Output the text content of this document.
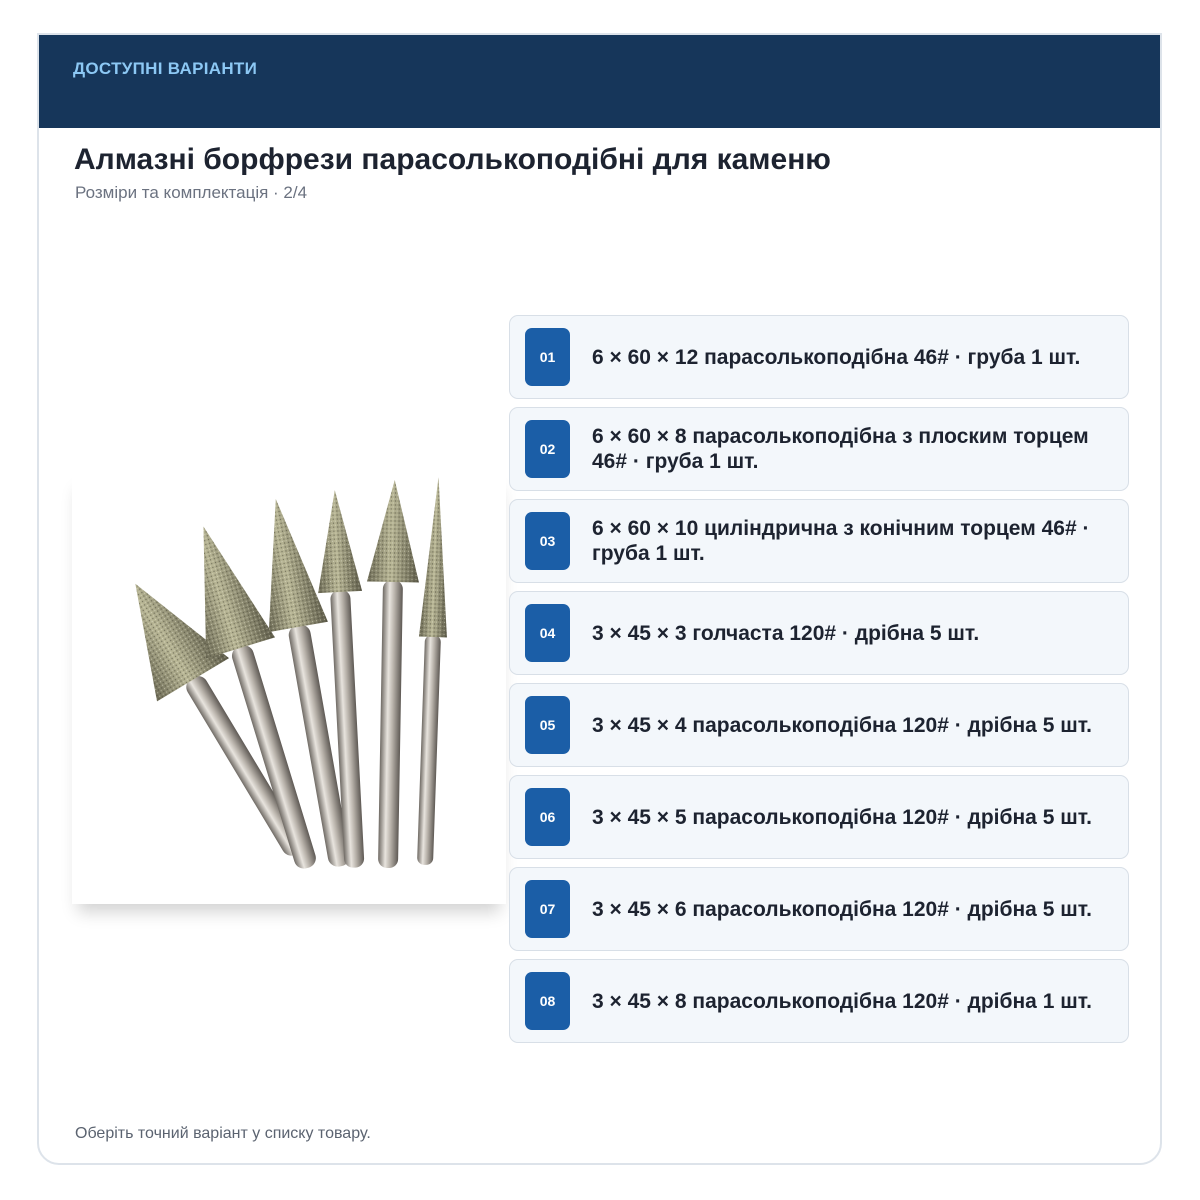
ДОСТУПНІ ВАРІАНТИ
Алмазні борфрези парасолькоподібні для каменю
Розміри та комплектація · 2/4
01	6 × 60 × 12 парасолькоподібна 46# · груба 1 шт.
02
6 × 60 × 8 парасолькоподібна з плоским торцем 46# · груба 1 шт.
03
6 × 60 × 10 циліндрична з конічним торцем 46# · груба 1 шт.
04	3 × 45 × 3 голчаста 120# · дрібна 5 шт.
05	3 × 45 × 4 парасолькоподібна 120# · дрібна 5 шт.
06	3 × 45 × 5 парасолькоподібна 120# · дрібна 5 шт.
07	3 × 45 × 6 парасолькоподібна 120# · дрібна 5 шт.
08	3 × 45 × 8 парасолькоподібна 120# · дрібна 1 шт.
Оберіть точний варіант у списку товару.
